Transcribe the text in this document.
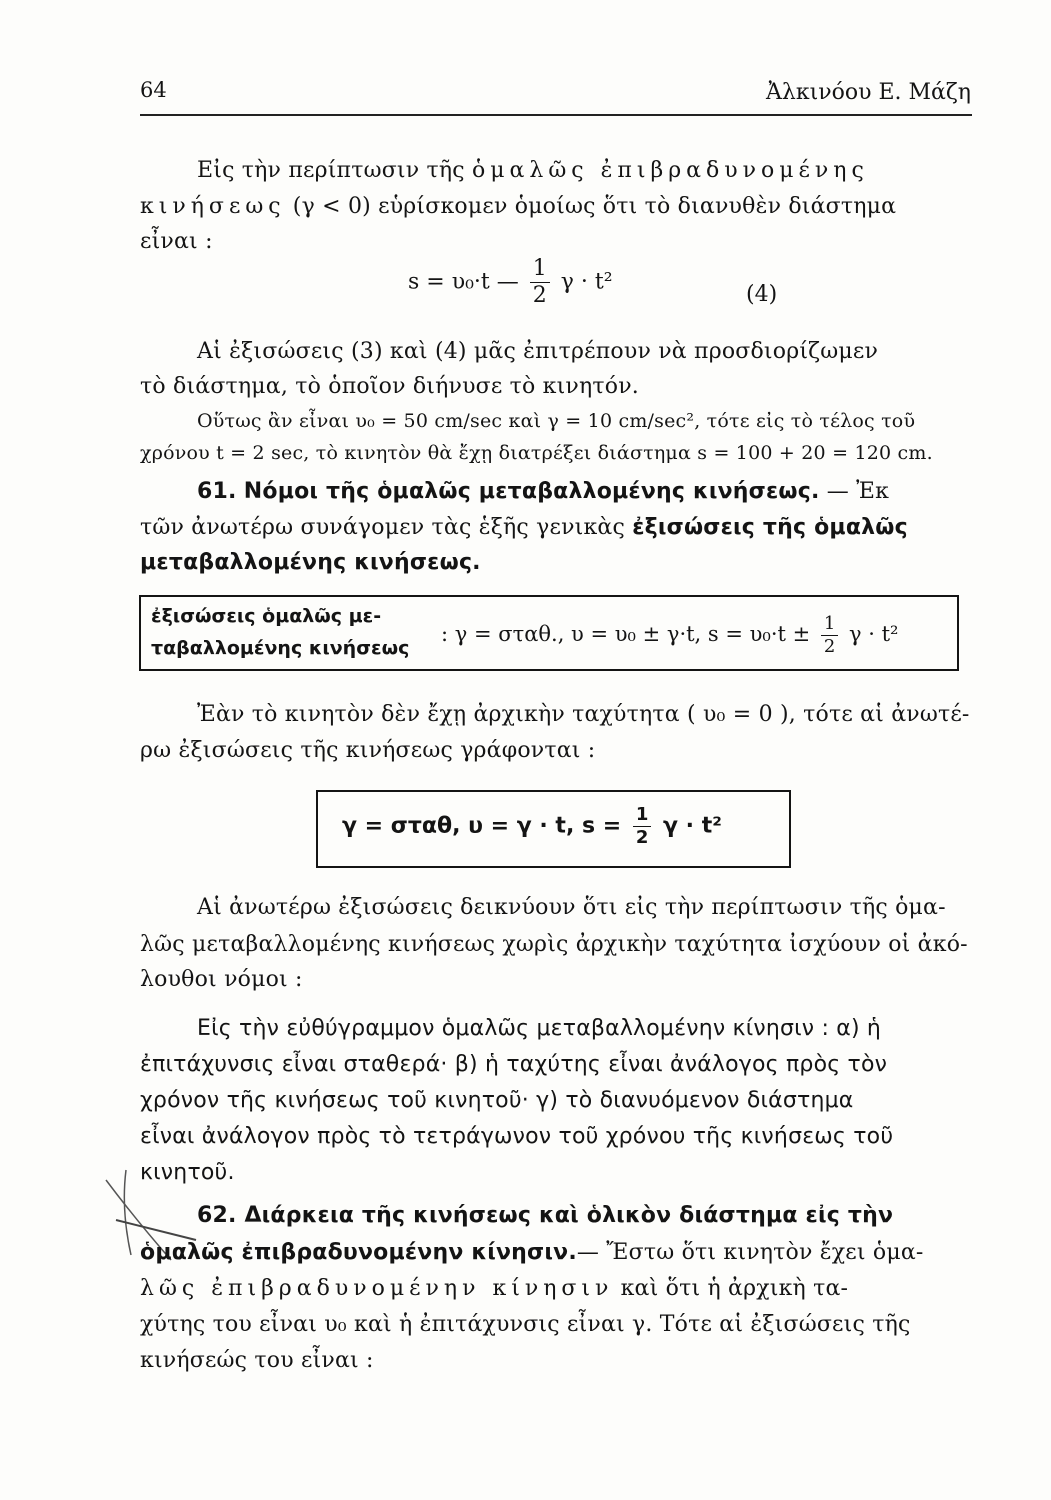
64	Ἀλκινόου Ε. Μάζη
Εἰς τὴν περίπτωσιν τῆς ὁμαλῶς ἐπιβραδυνομένης
κινήσεως (γ < 0) εὑρίσκομεν ὁμοίως ὅτι τὸ διανυθὲν διάστημα
εἶναι :
s = υ₀·t — $\frac{1}{2}$ γ · t²	(4)
Αἱ ἐξισώσεις (3) καὶ (4) μᾶς ἐπιτρέπουν νὰ προσδιορίζωμεν
τὸ διάστημα, τὸ ὁποῖον διήνυσε τὸ κινητόν.
Οὕτως ἂν εἶναι υ₀ = 50 cm/sec καὶ γ = 10 cm/sec², τότε εἰς τὸ τέλος τοῦ
χρόνου t = 2 sec, τὸ κινητὸν θὰ ἔχῃ διατρέξει διάστημα s = 100 + 20 = 120 cm.
61. Νόμοι τῆς ὁμαλῶς μεταβαλλομένης κινήσεως. — Ἐκ
τῶν ἀνωτέρω συνάγομεν τὰς ἑξῆς γενικὰς ἐξισώσεις τῆς ὁμαλῶς
μεταβαλλομένης κινήσεως.
ἐξισώσεις ὁμαλῶς με-
ταβαλλομένης κινήσεως
: γ = σταθ., υ = υ₀ ± γ·t, $s = \upsilon_0\cdot t \pm \frac{1}{2}$ γ · t²
Ἐὰν τὸ κινητὸν δὲν ἔχῃ ἀρχικὴν ταχύτητα ( υ₀ = 0 ), τότε αἱ ἀνωτέ-
ρω ἐξισώσεις τῆς κινήσεως γράφονται :
γ = σταθ, υ = γ · t, $s = \frac{1}{2}$ γ · t²
Αἱ ἀνωτέρω ἐξισώσεις δεικνύουν ὅτι εἰς τὴν περίπτωσιν τῆς ὁμα-
λῶς μεταβαλλομένης κινήσεως χωρὶς ἀρχικὴν ταχύτητα ἰσχύουν οἱ ἀκό-
λουθοι νόμοι :
Εἰς τὴν εὐθύγραμμον ὁμαλῶς μεταβαλλομένην κίνησιν : α) ἡ
ἐπιτάχυνσις εἶναι σταθερά· β) ἡ ταχύτης εἶναι ἀνάλογος πρὸς τὸν
χρόνον τῆς κινήσεως τοῦ κινητοῦ· γ) τὸ διανυόμενον διάστημα
εἶναι ἀνάλογον πρὸς τὸ τετράγωνον τοῦ χρόνου τῆς κινήσεως τοῦ
κινητοῦ.
62. Διάρκεια τῆς κινήσεως καὶ ὁλικὸν διάστημα εἰς τὴν
ὁμαλῶς ἐπιβραδυνομένην κίνησιν.— Ἔστω ὅτι κινητὸν ἔχει ὁμα-
λῶς ἐπιβραδυνομένην κίνησιν καὶ ὅτι ἡ ἀρχικὴ τα-
χύτης του εἶναι υ₀ καὶ ἡ ἐπιτάχυνσις εἶναι γ. Τότε αἱ ἐξισώσεις τῆς
κινήσεώς του εἶναι :
